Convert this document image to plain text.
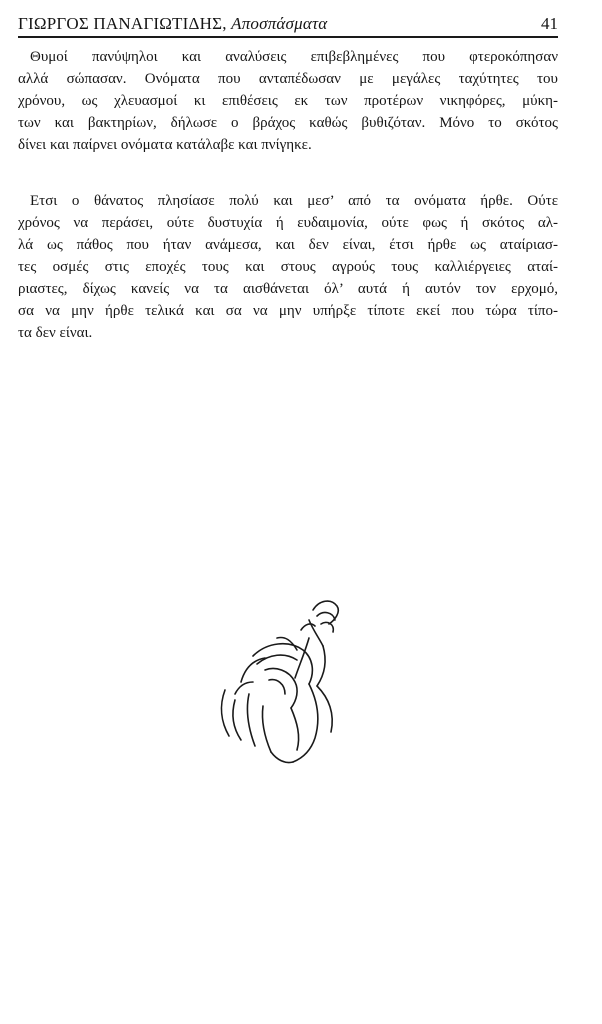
ΓΙΩΡΓΟΣ ΠΑΝΑΓΙΩΤΙΔΗΣ, Αποσπάσματα	41
Θυμοί πανύψηλοι και αναλύσεις επιβεβλημένες που φτεροκόπησαν
αλλά σώπασαν. Ονόματα που ανταπέδωσαν με μεγάλες ταχύτητες του
χρόνου, ως χλευασμοί κι επιθέσεις εκ των προτέρων νικηφόρες, μύκη-
των και βακτηρίων, δήλωσε ο βράχος καθώς βυθιζόταν. Μόνο το σκότος
δίνει και παίρνει ονόματα κατάλαβε και πνίγηκε.
Ετσι ο θάνατος πλησίασε πολύ και μεσ’ από τα ονόματα ήρθε. Ούτε
χρόνος να περάσει, ούτε δυστυχία ή ευδαιμονία, ούτε φως ή σκότος αλ-
λά ως πάθος που ήταν ανάμεσα, και δεν είναι, έτσι ήρθε ως αταίριασ-
τες οσμές στις εποχές τους και στους αγρούς τους καλλιέργειες αταί-
ριαστες, δίχως κανείς να τα αισθάνεται όλ’ αυτά ή αυτόν τον ερχομό,
σα να μην ήρθε τελικά και σα να μην υπήρξε τίποτε εκεί που τώρα τίπο-
τα δεν είναι.
